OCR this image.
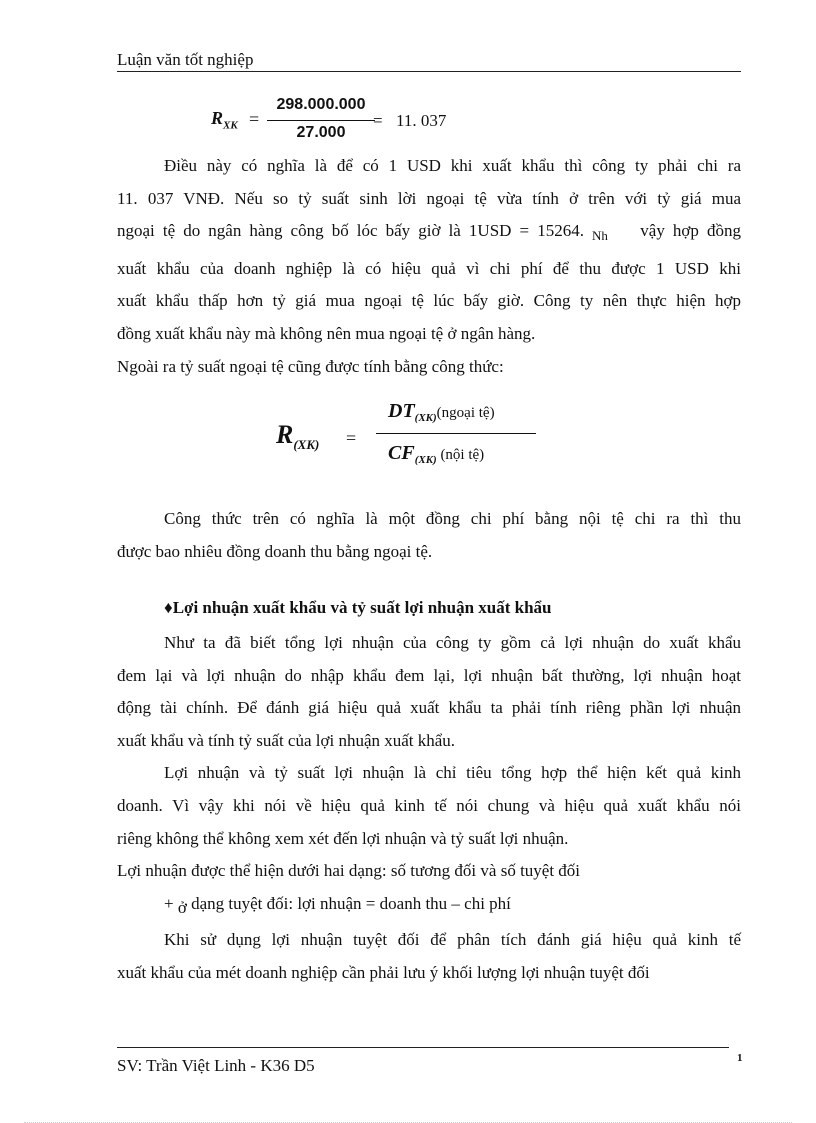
Luận văn tốt nghiệp
$R_{XK}$ =
298.000.000
27.000
= 11. 037
Điều này có nghĩa là để có 1 USD khi xuất khẩu thì công ty phải chi ra
11. 037 VNĐ. Nếu so tỷ suất sinh lời ngoại tệ vừa tính ở trên với tỷ giá mua
ngoại tệ do ngân hàng công bố lóc bấy giờ là 1USD = 15264. $_{Nh}$ vậy hợp đồng
xuất khẩu của doanh nghiệp là có hiệu quả vì chi phí để thu được 1 USD khi
xuất khẩu thấp hơn tỷ giá mua ngoại tệ lúc bấy giờ. Công ty nên thực hiện hợp
đồng xuất khẩu này mà không nên mua ngoại tệ ở ngân hàng.
Ngoài ra tỷ suất ngoại tệ cũng được tính bằng công thức:
$R_{(XK)}$ =
$DT_{(XK)}(ngoại$ tệ)
$CF_{(XK)}$ (nội tệ)
Công thức trên có nghĩa là một đồng chi phí bằng nội tệ chi ra thì thu
được bao nhiêu đồng doanh thu bằng ngoại tệ.
♦Lợi nhuận xuất khẩu và tỷ suất lợi nhuận xuất khẩu
Như ta đã biết tổng lợi nhuận của công ty gồm cả lợi nhuận do xuất khẩu
đem lại và lợi nhuận do nhập khẩu đem lại, lợi nhuận bất thường, lợi nhuận hoạt
động tài chính. Để đánh giá hiệu quả xuất khẩu ta phải tính riêng phần lợi nhuận
xuất khẩu và tính tỷ suất của lợi nhuận xuất khẩu.
Lợi nhuận và tỷ suất lợi nhuận là chỉ tiêu tổng hợp thể hiện kết quả kinh
doanh. Vì vậy khi nói về hiệu quả kinh tế nói chung và hiệu quả xuất khẩu nói
riêng không thể không xem xét đến lợi nhuận và tỷ suất lợi nhuận.
Lợi nhuận được thể hiện dưới hai dạng: số tương đối và số tuyệt đối
+ ở dạng tuyệt đối: lợi nhuận = doanh thu – chi phí
Khi sử dụng lợi nhuận tuyệt đối để phân tích đánh giá hiệu quả kinh tế
xuất khẩu của mét doanh nghiệp cần phải lưu ý khối lượng lợi nhuận tuyệt đối
SV: Trần Việt Linh - K36 D5	1
